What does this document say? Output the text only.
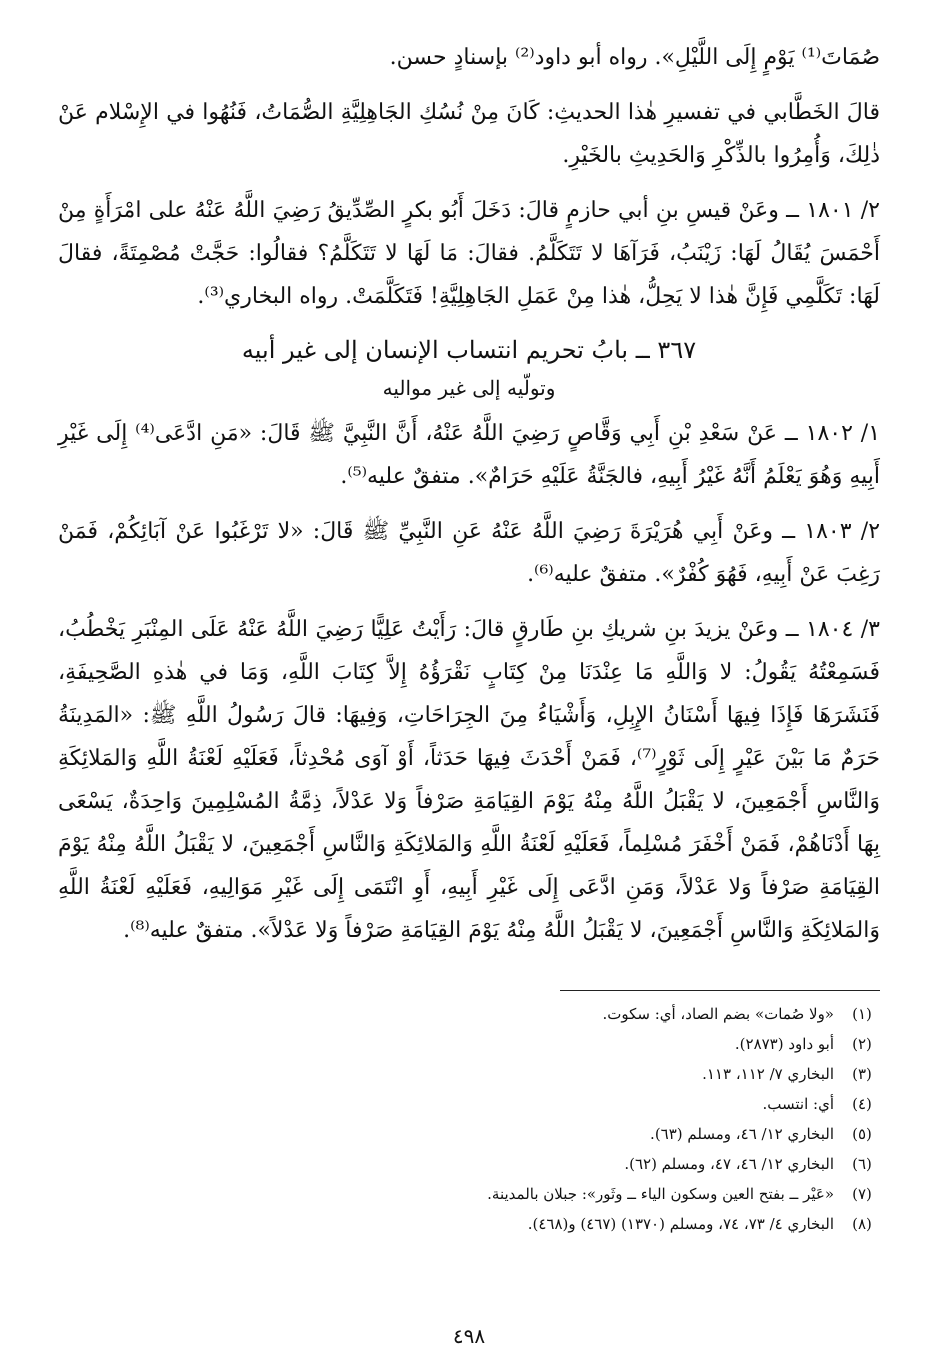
صُمَاتَ⁽¹⁾ يَوْمٍ إِلَى اللَّيْلِ». رواه أبو داود⁽²⁾ بإسنادٍ حسن.

قالَ الخَطَّابي في تفسيرِ هٰذا الحديثِ: كَانَ مِنْ نُسُكِ الجَاهِلِيَّةِ الصُّمَاتُ، فَنُهُوا في الإِسْلام عَنْ ذٰلِكَ، وَأُمِرُوا بالذِّكْرِ وَالحَدِيثِ بالخَيْرِ.

٢/ ١٨٠١ ــ وعَنْ قيسِ بنِ أبي حازمٍ قالَ: دَخَلَ أَبُو بكرٍ الصِّدِّيقُ رَضِيَ اللَّهُ عَنْهُ على امْرَأَةٍ مِنْ أَحْمَسَ يُقَالُ لَهَا: زَيْنَبُ، فَرَآهَا لا تَتَكَلَّمُ. فقالَ: مَا لَهَا لا تَتَكَلَّمُ؟ فقالُوا: حَجَّتْ مُصْمِتَةً، فقالَ لَهَا: تَكَلَّمِي فَإِنَّ هٰذا لا يَحِلُّ، هٰذا مِنْ عَمَلِ الجَاهِلِيَّةِ! فَتَكَلَّمَتْ. رواه البخاري⁽³⁾.

٣٦٧ ــ بابُ تحريم انتساب الإنسان إلى غير أبيه
وتولّيه إلى غير مواليه

١/ ١٨٠٢ ــ عَنْ سَعْدِ بْنِ أَبِي وَقَّاصٍ رَضِيَ اللَّهُ عَنْهُ، أَنَّ النَّبِيَّ ﷺ قَالَ: «مَنِ ادَّعَى⁽⁴⁾ إِلَى غَيْرِ أَبِيهِ وَهُوَ يَعْلَمُ أَنَّهُ غَيْرُ أَبِيهِ، فالجَنَّةُ عَلَيْهِ حَرَامٌ». متفقٌ عليه⁽⁵⁾.

٢/ ١٨٠٣ ــ وعَنْ أَبِي هُرَيْرَةَ رَضِيَ اللَّهُ عَنْهُ عَنِ النَّبِيِّ ﷺ قَالَ: «لا تَرْغَبُوا عَنْ آبَائِكُمْ، فَمَنْ رَغِبَ عَنْ أَبِيهِ، فَهُوَ كُفْرٌ». متفقٌ عليه⁽⁶⁾.

٣/ ١٨٠٤ ــ وعَنْ يزيدَ بنِ شريكِ بنِ طَارقٍ قالَ: رَأَيْتُ عَلِيًّا رَضِيَ اللَّهُ عَنْهُ عَلَى المِنْبَرِ يَخْطُبُ، فَسَمِعْتُهُ يَقُولُ: لا وَاللَّهِ مَا عِنْدَنَا مِنْ كِتَابٍ نَقْرَؤُهُ إِلاَّ كِتَابَ اللَّهِ، وَمَا في هٰذهِ الصَّحِيفَةِ، فَنَشَرَهَا فَإِذَا فِيهَا أَسْنَانُ الإِبِلِ، وَأَشْيَاءُ مِنَ الجِرَاحَاتِ، وَفِيهَا: قالَ رَسُولُ اللَّهِ ﷺ: «المَدِينَةُ حَرَمٌ مَا بَيْنَ عَيْرٍ إِلَى ثَوْرٍ⁽⁷⁾، فَمَنْ أَحْدَثَ فِيهَا حَدَثاً، أَوْ آوَى مُحْدِثاً، فَعَلَيْهِ لَعْنَةُ اللَّهِ وَالمَلائِكَةِ وَالنَّاسِ أَجْمَعِينَ، لا يَقْبَلُ اللَّهُ مِنْهُ يَوْمَ القِيَامَةِ صَرْفاً وَلا عَدْلاً، ذِمَّةُ المُسْلِمِينَ وَاحِدَةٌ، يَسْعَى بِهَا أَدْنَاهُمْ، فَمَنْ أَخْفَرَ مُسْلِماً، فَعَلَيْهِ لَعْنَةُ اللَّهِ وَالمَلائِكَةِ وَالنَّاسِ أَجْمَعِينَ، لا يَقْبَلُ اللَّهُ مِنْهُ يَوْمَ القِيَامَةِ صَرْفاً وَلا عَدْلاً، وَمَنِ ادَّعَى إِلَى غَيْرِ أَبِيهِ، أَوِ انْتَمَى إِلَى غَيْرِ مَوَالِيهِ، فَعَلَيْهِ لَعْنَةُ اللَّهِ وَالمَلائِكَةِ وَالنَّاسِ أَجْمَعِينَ، لا يَقْبَلُ اللَّهُ مِنْهُ يَوْمَ القِيَامَةِ صَرْفاً وَلا عَدْلاً». متفقٌ عليه⁽⁸⁾.

(١)
«ولا صُمات» بضم الصاد، أي: سكوت.
(٢)
أبو داود (٢٨٧٣).
(٣)
البخاري ٧/ ١١٢، ١١٣.
(٤)
أي: انتسب.
(٥)
البخاري ١٢/ ٤٦، ومسلم (٦٣).
(٦)
البخاري ١٢/ ٤٦، ٤٧، ومسلم (٦٢).
(٧)
«عَيْر ــ بفتح العين وسكون الياء ــ وثَور»: جبلان بالمدينة.
(٨)
البخاري ٤/ ٧٣، ٧٤، ومسلم (١٣٧٠) (٤٦٧) و(٤٦٨).
٤٩٨
